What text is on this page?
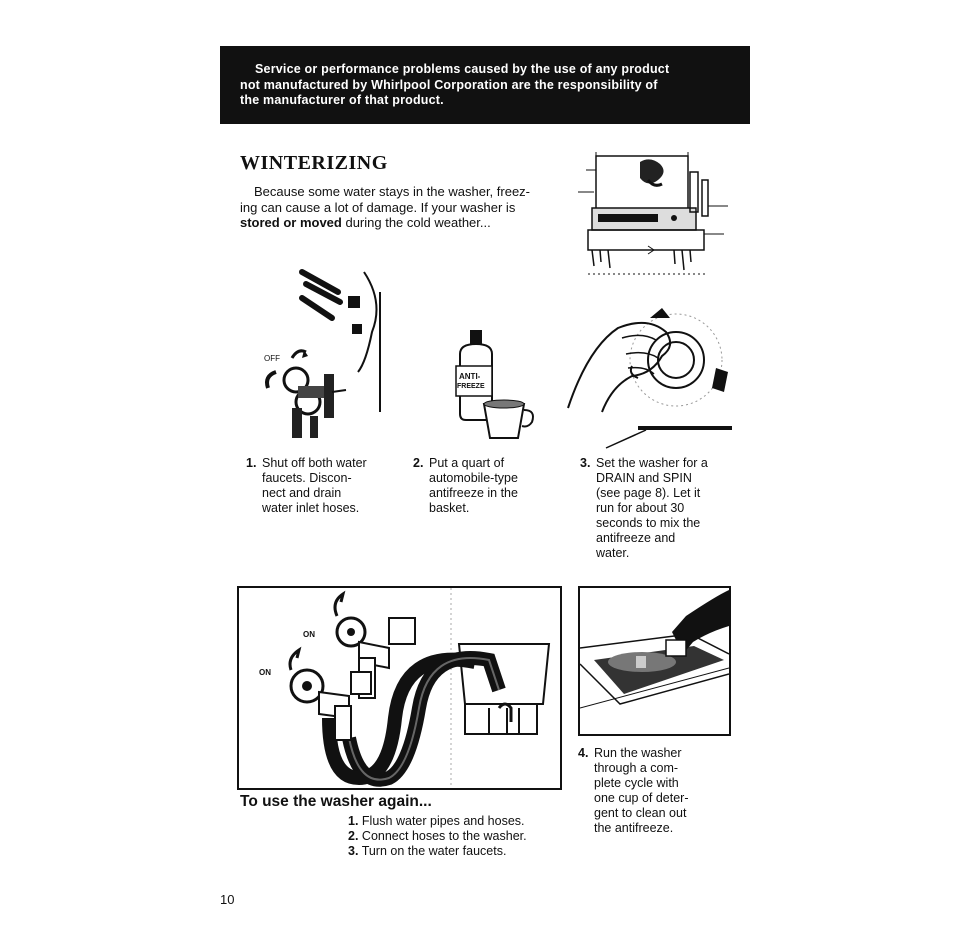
Service or performance problems caused by the use of any product
not manufactured by Whirlpool Corporation are the responsibility of
the manufacturer of that product.
WINTERIZING
Because some water stays in the washer, freez-
ing can cause a lot of damage. If your washer is
stored or moved during the cold weather...
OFF
ANTI-
FREEZE
1. Shut off both water
faucets. Discon-
nect and drain
water inlet hoses.
2. Put a quart of
automobile-type
antifreeze in the
basket.
3. Set the washer for a
DRAIN and SPIN
(see page 8). Let it
run for about 30
seconds to mix the
antifreeze and
water.
ON
ON
4. Run the washer
through a com-
plete cycle with
one cup of deter-
gent to clean out
the antifreeze.
To use the washer again...
1. Flush water pipes and hoses.
2. Connect hoses to the washer.
3. Turn on the water faucets.
10
